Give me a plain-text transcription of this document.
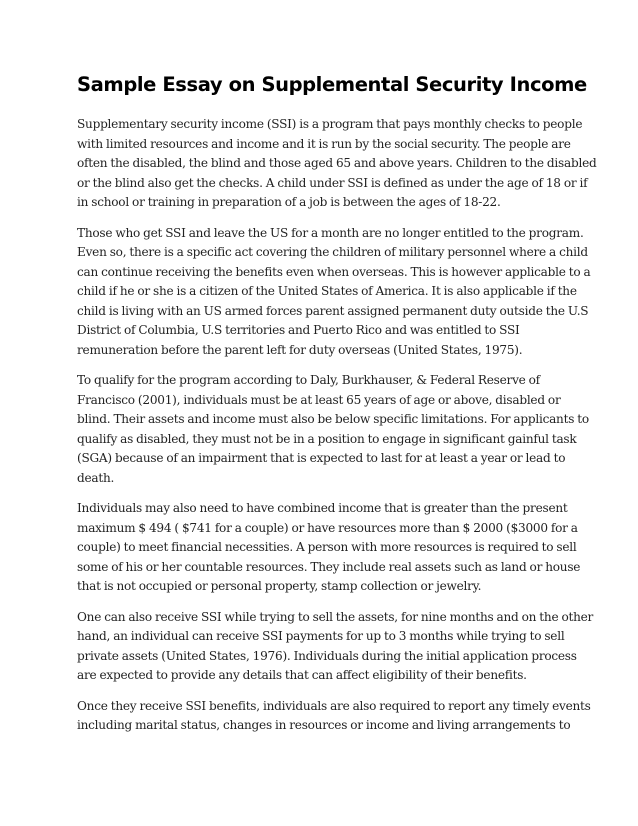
Sample Essay on Supplemental Security Income

Supplementary security income (SSI) is a program that pays monthly checks to people
with limited resources and income and it is run by the social security. The people are
often the disabled, the blind and those aged 65 and above years. Children to the disabled
or the blind also get the checks. A child under SSI is defined as under the age of 18 or if
in school or training in preparation of a job is between the ages of 18-22.

Those who get SSI and leave the US for a month are no longer entitled to the program.
Even so, there is a specific act covering the children of military personnel where a child
can continue receiving the benefits even when overseas. This is however applicable to a
child if he or she is a citizen of the United States of America. It is also applicable if the
child is living with an US armed forces parent assigned permanent duty outside the U.S
District of Columbia, U.S territories and Puerto Rico and was entitled to SSI
remuneration before the parent left for duty overseas (United States, 1975).

To qualify for the program according to Daly, Burkhauser, & Federal Reserve of
Francisco (2001), individuals must be at least 65 years of age or above, disabled or
blind. Their assets and income must also be below specific limitations. For applicants to
qualify as disabled, they must not be in a position to engage in significant gainful task
(SGA) because of an impairment that is expected to last for at least a year or lead to
death.

Individuals may also need to have combined income that is greater than the present
maximum $ 494 ( $741 for a couple) or have resources more than $ 2000 ($3000 for a
couple) to meet financial necessities. A person with more resources is required to sell
some of his or her countable resources. They include real assets such as land or house
that is not occupied or personal property, stamp collection or jewelry.

One can also receive SSI while trying to sell the assets, for nine months and on the other
hand, an individual can receive SSI payments for up to 3 months while trying to sell
private assets (United States, 1976). Individuals during the initial application process
are expected to provide any details that can affect eligibility of their benefits.

Once they receive SSI benefits, individuals are also required to report any timely events
including marital status, changes in resources or income and living arrangements to
